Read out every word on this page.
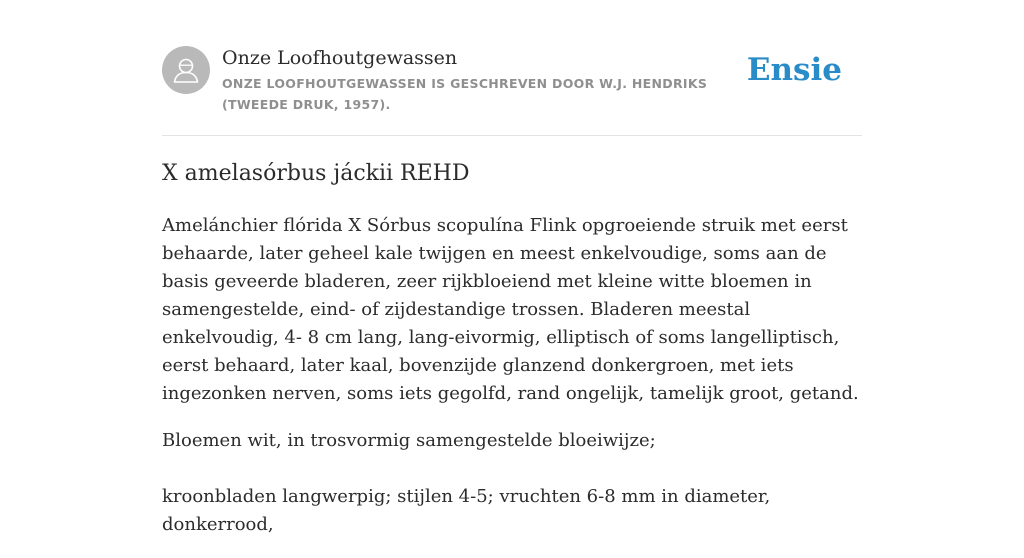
Onze Loofhoutgewassen

ONZE LOOFHOUTGEWASSEN IS GESCHREVEN DOOR W.J. HENDRIKS (TWEEDE DRUK, 1957).

Ensie
X amelasórbus jáckii REHD

Amelánchier flórida X Sórbus scopulína Flink opgroeiende struik met eerst behaarde, later geheel kale twijgen en meest enkelvoudige, soms aan de basis geveerde bladeren, zeer rijkbloeiend met kleine witte bloemen in samengestelde, eind- of zijdestandige trossen. Bladeren meestal enkelvoudig, 4- 8 cm lang, lang-eivormig, elliptisch of soms langelliptisch, eerst behaard, later kaal, bovenzijde glanzend donkergroen, met iets ingezonken nerven, soms iets gegolfd, rand ongelijk, tamelijk groot, getand.

Bloemen wit, in trosvormig samengestelde bloeiwijze;

kroonbladen langwerpig; stijlen 4-5; vruchten 6-8 mm in diameter, donkerrood,
